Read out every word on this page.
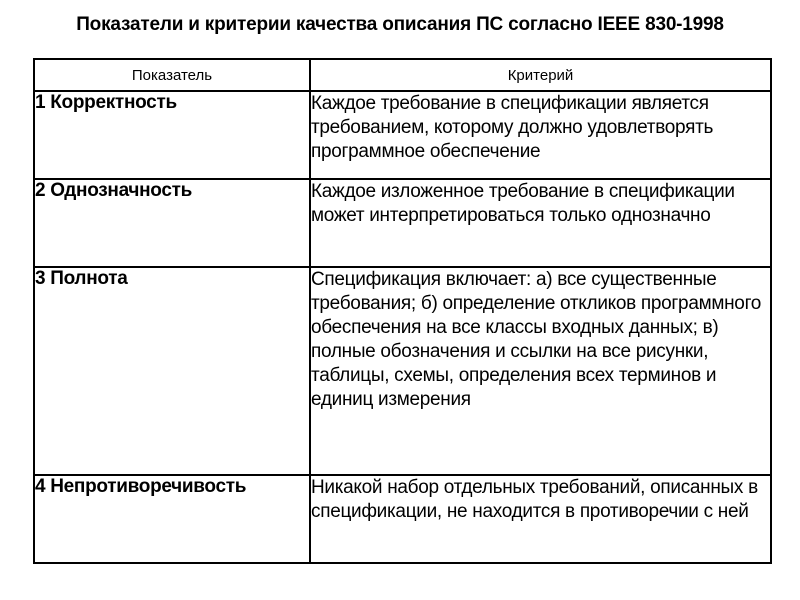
Показатели и критерии качества описания ПС согласно IEEE 830-1998
Показатель	Критерий
1 Корректность	Каждое требование в спецификации является требованием, которому должно удовлетворять программное обеспечение
2 Однозначность	Каждое изложенное требование в спецификации может интерпретироваться только однозначно
3 Полнота	Спецификация включает: а) все существенные требования; б) определение откликов программного обеспечения на все классы входных данных; в) полные обозначения и ссылки на все рисунки, таблицы, схемы, определения всех терминов и единиц измерения
4 Непротиворечивость	Никакой набор отдельных требований, описанных в спецификации, не находится в противоречии с ней
